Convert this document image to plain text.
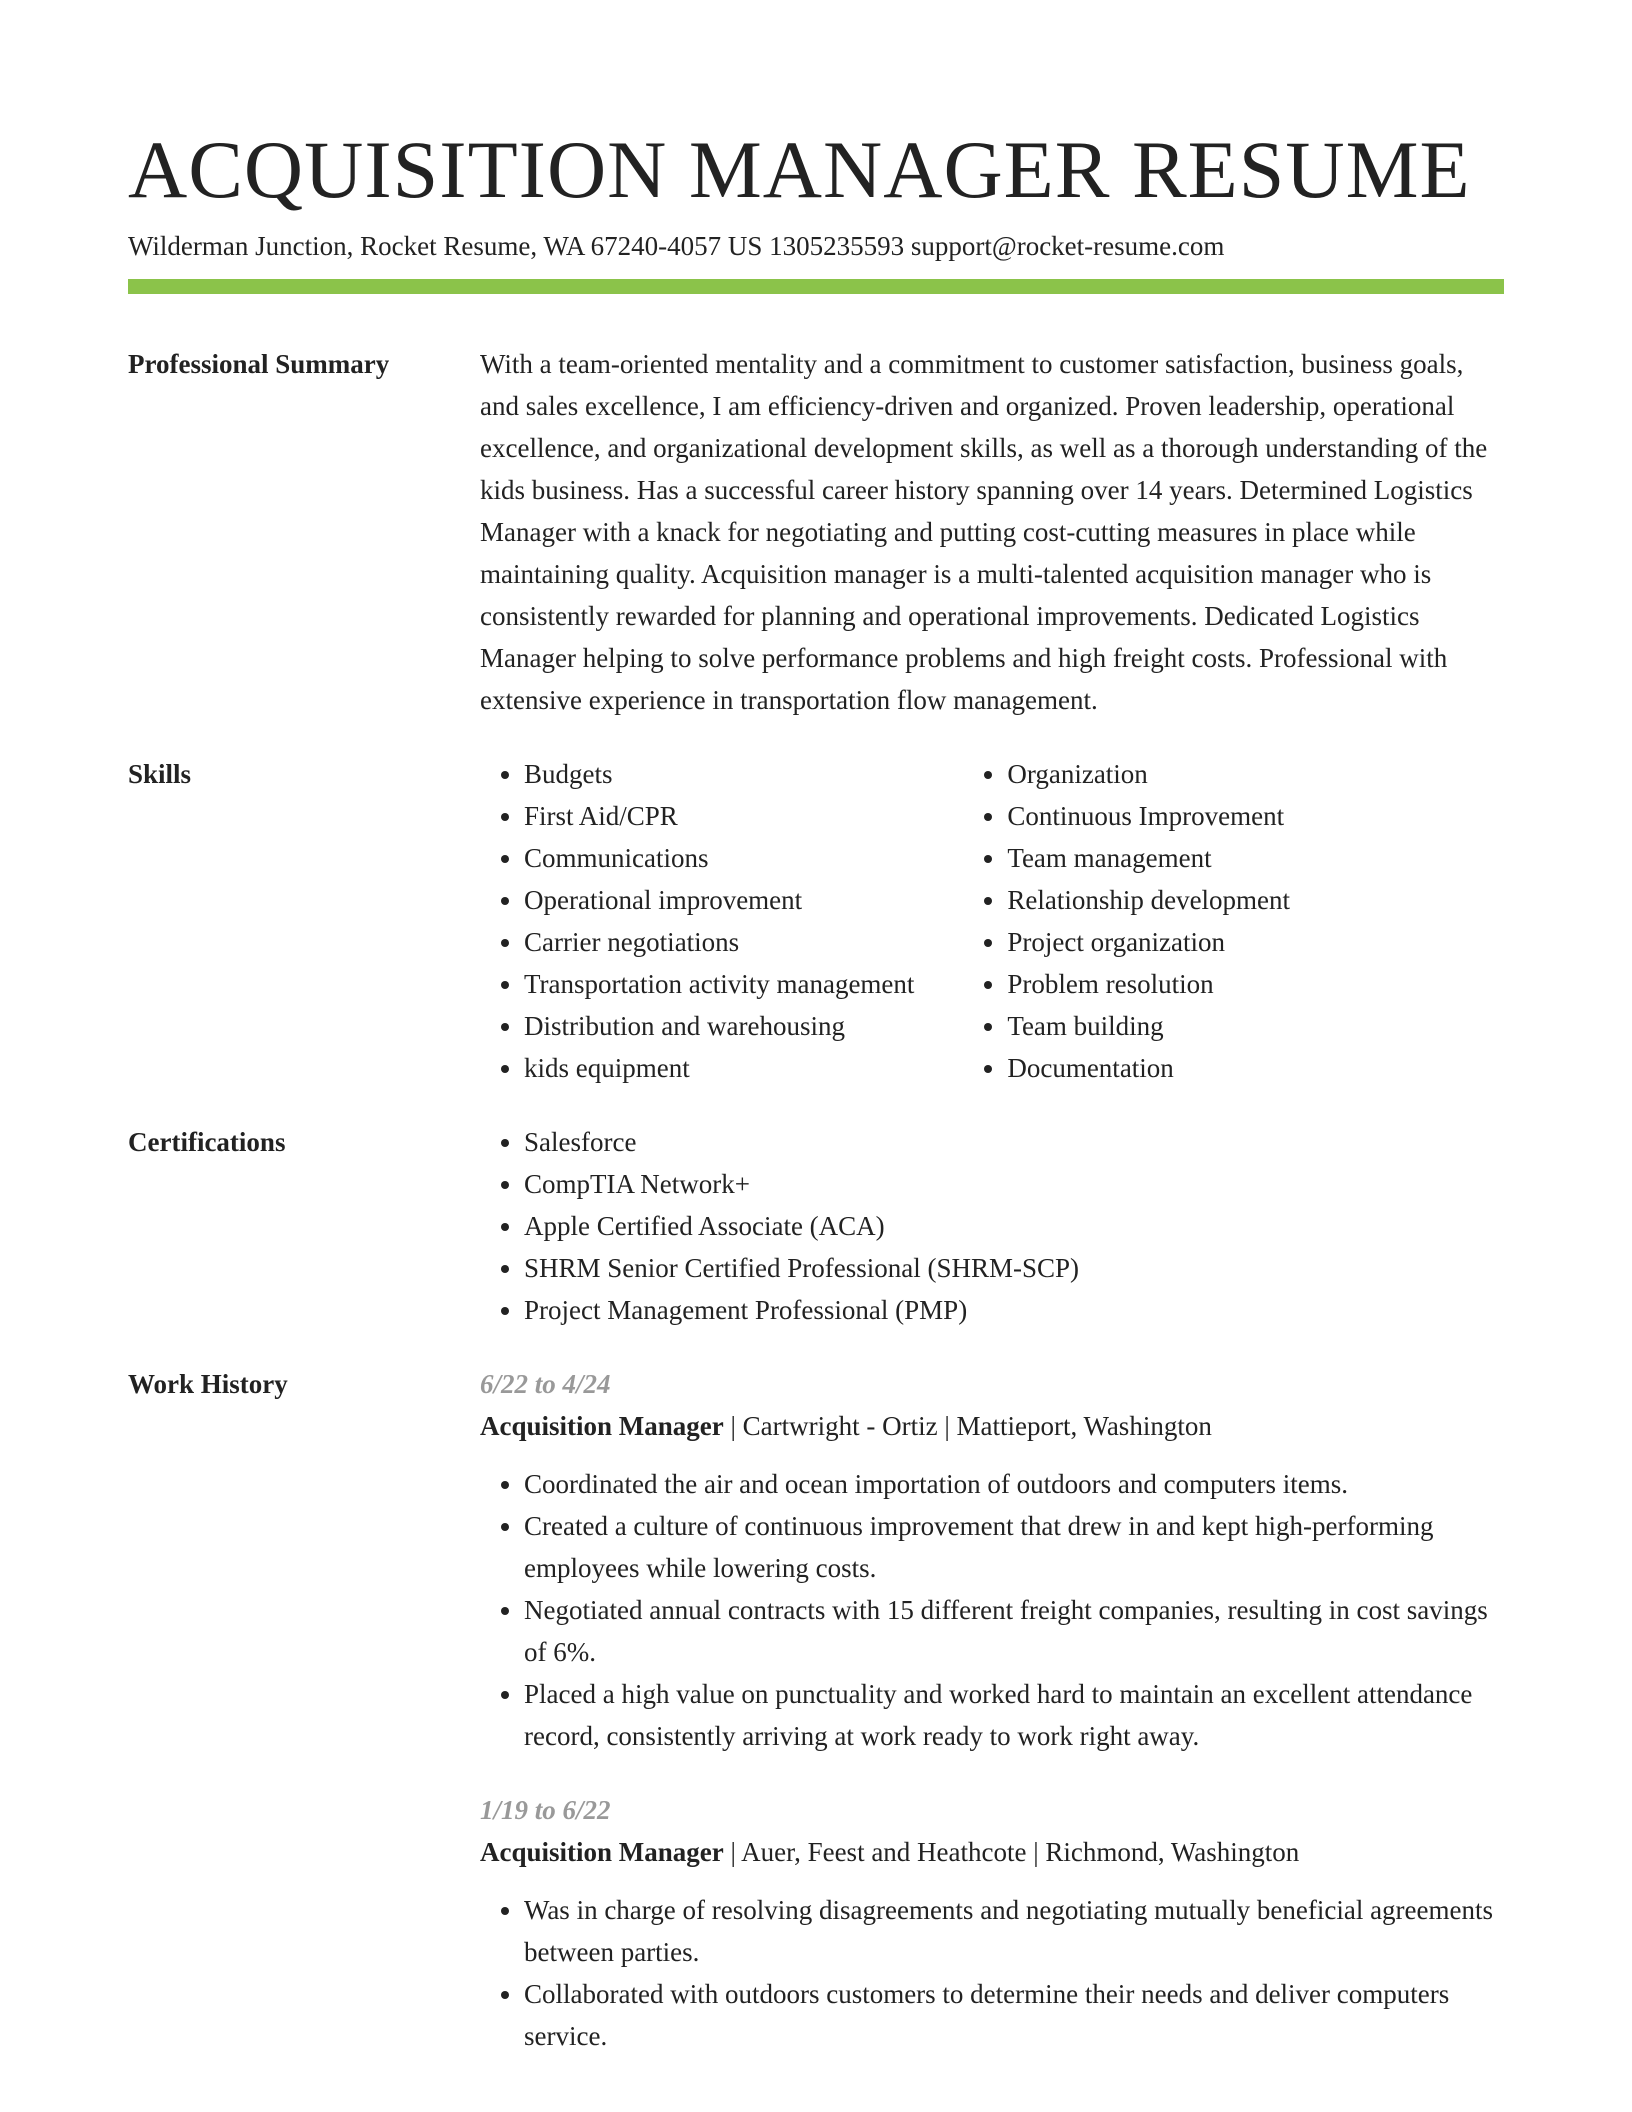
ACQUISITION MANAGER RESUME
Wilderman Junction, Rocket Resume, WA 67240-4057 US 1305235593 support@rocket-resume.com
Professional Summary	With a team-oriented mentality and a commitment to customer satisfaction, business goals, and sales excellence, I am efficiency-driven and organized. Proven leadership, operational excellence, and organizational development skills, as well as a thorough understanding of the kids business. Has a successful career history spanning over 14 years. Determined Logistics Manager with a knack for negotiating and putting cost-cutting measures in place while maintaining quality. Acquisition manager is a multi-talented acquisition manager who is consistently rewarded for planning and operational improvements. Dedicated Logistics Manager helping to solve performance problems and high freight costs. Professional with extensive experience in transportation flow management.
Skills	• Budgets
• First Aid/CPR
• Communications
• Operational improvement
• Carrier negotiations
• Transportation activity management
• Distribution and warehousing
• kids equipment
• Organization
• Continuous Improvement
• Team management
• Relationship development
• Project organization
• Problem resolution
• Team building
• Documentation
Certifications	• Salesforce
• CompTIA Network+
• Apple Certified Associate (ACA)
• SHRM Senior Certified Professional (SHRM-SCP)
• Project Management Professional (PMP)
Work History	6/22 to 4/24
Acquisition Manager | Cartwright - Ortiz | Mattieport, Washington
• Coordinated the air and ocean importation of outdoors and computers items.
• Created a culture of continuous improvement that drew in and kept high-performing employees while lowering costs.
• Negotiated annual contracts with 15 different freight companies, resulting in cost savings of 6%.
• Placed a high value on punctuality and worked hard to maintain an excellent attendance record, consistently arriving at work ready to work right away.
1/19 to 6/22
Acquisition Manager | Auer, Feest and Heathcote | Richmond, Washington
• Was in charge of resolving disagreements and negotiating mutually beneficial agreements between parties.
• Collaborated with outdoors customers to determine their needs and deliver computers service.
